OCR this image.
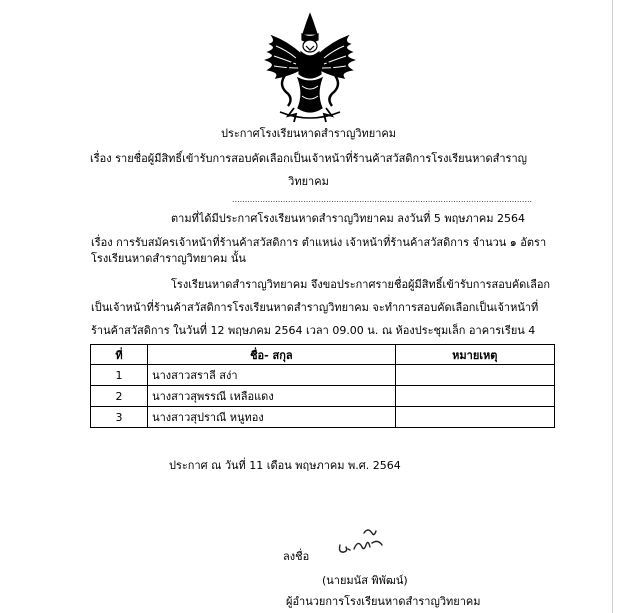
ประกาศโรงเรียนหาดสำราญวิทยาคม
เรื่อง รายชื่อผู้มีสิทธิ์เข้ารับการสอบคัดเลือกเป็นเจ้าหน้าที่ร้านค้าสวัสดิการโรงเรียนหาดสำราญ
วิทยาคม
......................................................................................................................
ตามที่ได้มีประกาศโรงเรียนหาดสำราญวิทยาคม ลงวันที่ 5 พฤษภาคม 2564
เรื่อง การรับสมัครเจ้าหน้าที่ร้านค้าสวัสดิการ ตำแหน่ง เจ้าหน้าที่ร้านค้าสวัสดิการ จำนวน ๑ อัตรา
โรงเรียนหาดสำราญวิทยาคม นั้น
โรงเรียนหาดสำราญวิทยาคม จึงขอประกาศรายชื่อผู้มีสิทธิ์เข้ารับการสอบคัดเลือก
เป็นเจ้าหน้าที่ร้านค้าสวัสดิการโรงเรียนหาดสำราญวิทยาคม จะทำการสอบคัดเลือกเป็นเจ้าหน้าที่
ร้านค้าสวัสดิการ ในวันที่ 12 พฤษภคม 2564 เวลา 09.00 น. ณ ห้องประชุมเล็ก อาคารเรียน 4
ที่	ชื่อ- สกุล	หมายเหตุ
1	นางสาวสราลี สง่า	
2	นางสาวสุพรรณี เหลือแดง	
3	นางสาวสุปราณี หนูทอง	
ประกาศ ณ วันที่ 11 เดือน พฤษภาคม พ.ศ. 2564
ลงชื่อ
(นายมนัส พิพัฒน์)
ผู้อำนวยการโรงเรียนหาดสำราญวิทยาคม
